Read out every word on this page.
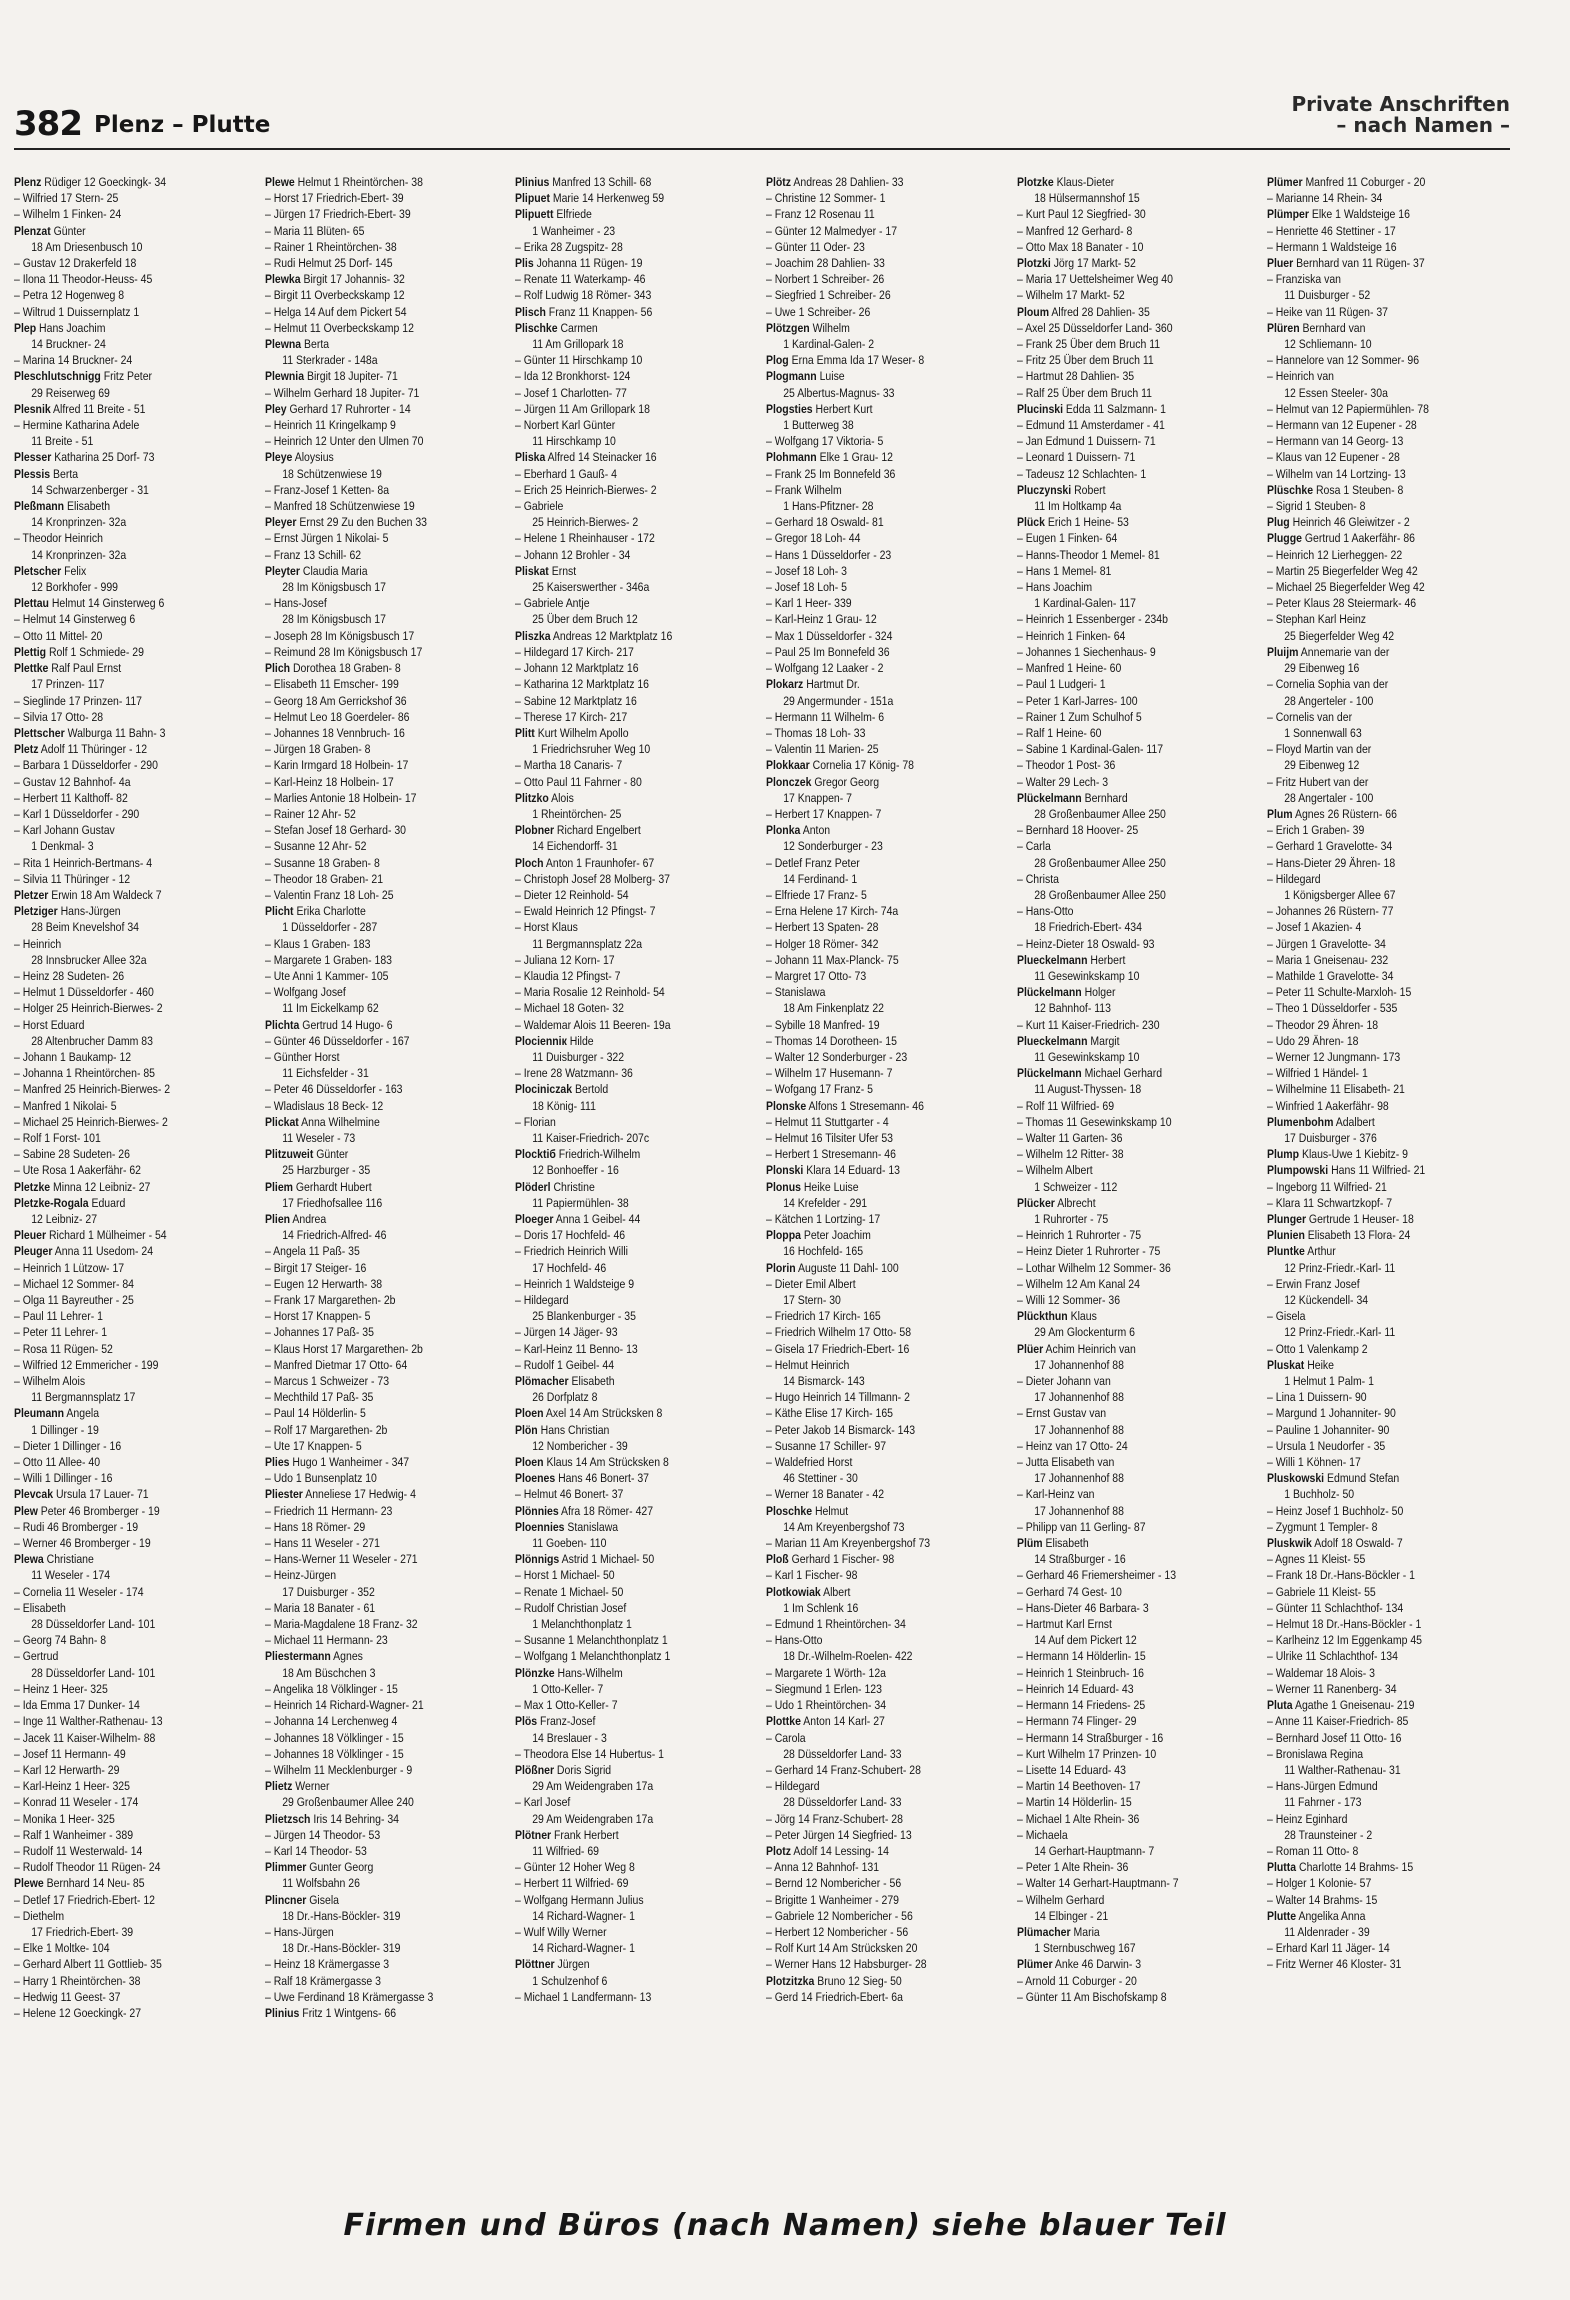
382 Plenz – Plutte
Private Anschriften
– nach Namen –
Plenz Rüdiger 12 Goeckingk- 34
– Wilfried 17 Stern- 25
– Wilhelm 1 Finken- 24
Plenzat Günter
18 Am Driesenbusch 10
– Gustav 12 Drakerfeld 18
– Ilona 11 Theodor-Heuss- 45
– Petra 12 Hogenweg 8
– Wiltrud 1 Duissernplatz 1
Plep Hans Joachim
14 Bruckner- 24
– Marina 14 Bruckner- 24
Pleschlutschnigg Fritz Peter
29 Reiserweg 69
Plesnik Alfred 11 Breite - 51
– Hermine Katharina Adele
11 Breite - 51
Plesser Katharina 25 Dorf- 73
Plessis Berta
14 Schwarzenberger - 31
Pleßmann Elisabeth
14 Kronprinzen- 32a
– Theodor Heinrich
14 Kronprinzen- 32a
Pletscher Felix
12 Borkhofer - 999
Plettau Helmut 14 Ginsterweg 6
– Helmut 14 Ginsterweg 6
– Otto 11 Mittel- 20
Plettig Rolf 1 Schmiede- 29
Plettke Ralf Paul Ernst
17 Prinzen- 117
– Sieglinde 17 Prinzen- 117
– Silvia 17 Otto- 28
Plettscher Walburga 11 Bahn- 3
Pletz Adolf 11 Thüringer - 12
– Barbara 1 Düsseldorfer - 290
– Gustav 12 Bahnhof- 4a
– Herbert 11 Kalthoff- 82
– Karl 1 Düsseldorfer - 290
– Karl Johann Gustav
1 Denkmal- 3
– Rita 1 Heinrich-Bertmans- 4
– Silvia 11 Thüringer - 12
Pletzer Erwin 18 Am Waldeck 7
Pletziger Hans-Jürgen
28 Beim Knevelshof 34
– Heinrich
28 Innsbrucker Allee 32a
– Heinz 28 Sudeten- 26
– Helmut 1 Düsseldorfer - 460
– Holger 25 Heinrich-Bierwes- 2
– Horst Eduard
28 Altenbrucher Damm 83
– Johann 1 Baukamp- 12
– Johanna 1 Rheintörchen- 85
– Manfred 25 Heinrich-Bierwes- 2
– Manfred 1 Nikolai- 5
– Michael 25 Heinrich-Bierwes- 2
– Rolf 1 Forst- 101
– Sabine 28 Sudeten- 26
– Ute Rosa 1 Aakerfähr- 62
Pletzke Minna 12 Leibniz- 27
Pletzke-Rogala Eduard
12 Leibniz- 27
Pleuer Richard 1 Mülheimer - 54
Pleuger Anna 11 Usedom- 24
– Heinrich 1 Lützow- 17
– Michael 12 Sommer- 84
– Olga 11 Bayreuther - 25
– Paul 11 Lehrer- 1
– Peter 11 Lehrer- 1
– Rosa 11 Rügen- 52
– Wilfried 12 Emmericher - 199
– Wilhelm Alois
11 Bergmannsplatz 17
Pleumann Angela
1 Dillinger - 19
– Dieter 1 Dillinger - 16
– Otto 11 Allee- 40
– Willi 1 Dillinger - 16
Plevcak Ursula 17 Lauer- 71
Plew Peter 46 Bromberger - 19
– Rudi 46 Bromberger - 19
– Werner 46 Bromberger - 19
Plewa Christiane
11 Weseler - 174
– Cornelia 11 Weseler - 174
– Elisabeth
28 Düsseldorfer Land- 101
– Georg 74 Bahn- 8
– Gertrud
28 Düsseldorfer Land- 101
– Heinz 1 Heer- 325
– Ida Emma 17 Dunker- 14
– Inge 11 Walther-Rathenau- 13
– Jacek 11 Kaiser-Wilhelm- 88
– Josef 11 Hermann- 49
– Karl 12 Herwarth- 29
– Karl-Heinz 1 Heer- 325
– Konrad 11 Weseler - 174
– Monika 1 Heer- 325
– Ralf 1 Wanheimer - 389
– Rudolf 11 Westerwald- 14
– Rudolf Theodor 11 Rügen- 24
Plewe Bernhard 14 Neu- 85
– Detlef 17 Friedrich-Ebert- 12
– Diethelm
17 Friedrich-Ebert- 39
– Elke 1 Moltke- 104
– Gerhard Albert 11 Gottlieb- 35
– Harry 1 Rheintörchen- 38
– Hedwig 11 Geest- 37
– Helene 12 Goeckingk- 27
Plewe Helmut 1 Rheintörchen- 38
– Horst 17 Friedrich-Ebert- 39
– Jürgen 17 Friedrich-Ebert- 39
– Maria 11 Blüten- 65
– Rainer 1 Rheintörchen- 38
– Rudi Helmut 25 Dorf- 145
Plewka Birgit 17 Johannis- 32
– Birgit 11 Overbeckskamp 12
– Helga 14 Auf dem Pickert 54
– Helmut 11 Overbeckskamp 12
Plewna Berta
11 Sterkrader - 148a
Plewnia Birgit 18 Jupiter- 71
– Wilhelm Gerhard 18 Jupiter- 71
Pley Gerhard 17 Ruhrorter - 14
– Heinrich 11 Kringelkamp 9
– Heinrich 12 Unter den Ulmen 70
Pleye Aloysius
18 Schützenwiese 19
– Franz-Josef 1 Ketten- 8a
– Manfred 18 Schützenwiese 19
Pleyer Ernst 29 Zu den Buchen 33
– Ernst Jürgen 1 Nikolai- 5
– Franz 13 Schill- 62
Pleyter Claudia Maria
28 Im Königsbusch 17
– Hans-Josef
28 Im Königsbusch 17
– Joseph 28 Im Königsbusch 17
– Reimund 28 Im Königsbusch 17
Plich Dorothea 18 Graben- 8
– Elisabeth 11 Emscher- 199
– Georg 18 Am Gerrickshof 36
– Helmut Leo 18 Goerdeler- 86
– Johannes 18 Vennbruch- 16
– Jürgen 18 Graben- 8
– Karin Irmgard 18 Holbein- 17
– Karl-Heinz 18 Holbein- 17
– Marlies Antonie 18 Holbein- 17
– Rainer 12 Ahr- 52
– Stefan Josef 18 Gerhard- 30
– Susanne 12 Ahr- 52
– Susanne 18 Graben- 8
– Theodor 18 Graben- 21
– Valentin Franz 18 Loh- 25
Plicht Erika Charlotte
1 Düsseldorfer - 287
– Klaus 1 Graben- 183
– Margarete 1 Graben- 183
– Ute Anni 1 Kammer- 105
– Wolfgang Josef
11 Im Eickelkamp 62
Plichta Gertrud 14 Hugo- 6
– Günter 46 Düsseldorfer - 167
– Günther Horst
11 Eichsfelder - 31
– Peter 46 Düsseldorfer - 163
– Wladislaus 18 Beck- 12
Plickat Anna Wilhelmine
11 Weseler - 73
Plitzuweit Günter
25 Harzburger - 35
Pliem Gerhardt Hubert
17 Friedhofsallee 116
Plien Andrea
14 Friedrich-Alfred- 46
– Angela 11 Paß- 35
– Birgit 17 Steiger- 16
– Eugen 12 Herwarth- 38
– Frank 17 Margarethen- 2b
– Horst 17 Knappen- 5
– Johannes 17 Paß- 35
– Klaus Horst 17 Margarethen- 2b
– Manfred Dietmar 17 Otto- 64
– Marcus 1 Schweizer - 73
– Mechthild 17 Paß- 35
– Paul 14 Hölderlin- 5
– Rolf 17 Margarethen- 2b
– Ute 17 Knappen- 5
Plies Hugo 1 Wanheimer - 347
– Udo 1 Bunsenplatz 10
Pliester Anneliese 17 Hedwig- 4
– Friedrich 11 Hermann- 23
– Hans 18 Römer- 29
– Hans 11 Weseler - 271
– Hans-Werner 11 Weseler - 271
– Heinz-Jürgen
17 Duisburger - 352
– Maria 18 Banater - 61
– Maria-Magdalene 18 Franz- 32
– Michael 11 Hermann- 23
Pliestermann Agnes
18 Am Büschchen 3
– Angelika 18 Völklinger - 15
– Heinrich 14 Richard-Wagner- 21
– Johanna 14 Lerchenweg 4
– Johannes 18 Völklinger - 15
– Johannes 18 Völklinger - 15
– Wilhelm 11 Mecklenburger - 9
Plietz Werner
29 Großenbaumer Allee 240
Plietzsch Iris 14 Behring- 34
– Jürgen 14 Theodor- 53
– Karl 14 Theodor- 53
Plimmer Gunter Georg
11 Wolfsbahn 26
Plincner Gisela
18 Dr.-Hans-Böckler- 319
– Hans-Jürgen
18 Dr.-Hans-Böckler- 319
– Heinz 18 Krämergasse 3
– Ralf 18 Krämergasse 3
– Uwe Ferdinand 18 Krämergasse 3
Plinius Fritz 1 Wintgens- 66
Plinius Manfred 13 Schill- 68
Plipuet Marie 14 Herkenweg 59
Plipuett Elfriede
1 Wanheimer - 23
– Erika 28 Zugspitz- 28
Plis Johanna 11 Rügen- 19
– Renate 11 Waterkamp- 46
– Rolf Ludwig 18 Römer- 343
Plisch Franz 11 Knappen- 56
Plischke Carmen
11 Am Grillopark 18
– Günter 11 Hirschkamp 10
– Ida 12 Bronkhorst- 124
– Josef 1 Charlotten- 77
– Jürgen 11 Am Grillopark 18
– Norbert Karl Günter
11 Hirschkamp 10
Pliska Alfred 14 Steinacker 16
– Eberhard 1 Gauß- 4
– Erich 25 Heinrich-Bierwes- 2
– Gabriele
25 Heinrich-Bierwes- 2
– Helene 1 Rheinhauser - 172
– Johann 12 Brohler - 34
Pliskat Ernst
25 Kaiserswerther - 346a
– Gabriele Antje
25 Über dem Bruch 12
Pliszka Andreas 12 Marktplatz 16
– Hildegard 17 Kirch- 217
– Johann 12 Marktplatz 16
– Katharina 12 Marktplatz 16
– Sabine 12 Marktplatz 16
– Therese 17 Kirch- 217
Plitt Kurt Wilhelm Apollo
1 Friedrichsruher Weg 10
– Martha 18 Canaris- 7
– Otto Paul 11 Fahrner - 80
Plitzko Alois
1 Rheintörchen- 25
Plobner Richard Engelbert
14 Eichendorff- 31
Ploch Anton 1 Fraunhofer- 67
– Christoph Josef 28 Molberg- 37
– Dieter 12 Reinhold- 54
– Ewald Heinrich 12 Pfingst- 7
– Horst Klaus
11 Bergmannsplatz 22a
– Juliana 12 Korn- 17
– Klaudia 12 Pfingst- 7
– Maria Rosalie 12 Reinhold- 54
– Michael 18 Goten- 32
– Waldemar Alois 11 Beeren- 19a
Plocienniк Hilde
11 Duisburger - 322
– Irene 28 Watzmann- 36
Plociniczak Bertold
18 König- 111
– Florian
11 Kaiser-Friedrich- 207c
Plocktiб Friedrich-Wilhelm
12 Bonhoeffer - 16
Plöderl Christine
11 Papiermühlen- 38
Ploeger Anna 1 Geibel- 44
– Doris 17 Hochfeld- 46
– Friedrich Heinrich Willi
17 Hochfeld- 46
– Heinrich 1 Waldsteige 9
– Hildegard
25 Blankenburger - 35
– Jürgen 14 Jäger- 93
– Karl-Heinz 11 Benno- 13
– Rudolf 1 Geibel- 44
Plömacher Elisabeth
26 Dorfplatz 8
Ploen Axel 14 Am Strücksken 8
Plön Hans Christian
12 Nombericher - 39
Ploen Klaus 14 Am Strücksken 8
Ploenes Hans 46 Bonert- 37
– Helmut 46 Bonert- 37
Plönnies Afra 18 Römer- 427
Ploennies Stanislawa
11 Goeben- 110
Plönnigs Astrid 1 Michael- 50
– Horst 1 Michael- 50
– Renate 1 Michael- 50
– Rudolf Christian Josef
1 Melanchthonplatz 1
– Susanne 1 Melanchthonplatz 1
– Wolfgang 1 Melanchthonplatz 1
Plönzke Hans-Wilhelm
1 Otto-Keller- 7
– Max 1 Otto-Keller- 7
Plös Franz-Josef
14 Breslauer - 3
– Theodora Else 14 Hubertus- 1
Plößner Doris Sigrid
29 Am Weidengraben 17a
– Karl Josef
29 Am Weidengraben 17a
Plötner Frank Herbert
11 Wilfried- 69
– Günter 12 Hoher Weg 8
– Herbert 11 Wilfried- 69
– Wolfgang Hermann Julius
14 Richard-Wagner- 1
– Wulf Willy Werner
14 Richard-Wagner- 1
Plöttner Jürgen
1 Schulzenhof 6
– Michael 1 Landfermann- 13
Plötz Andreas 28 Dahlien- 33
– Christine 12 Sommer- 1
– Franz 12 Rosenau 11
– Günter 12 Malmedyer - 17
– Günter 11 Oder- 23
– Joachim 28 Dahlien- 33
– Norbert 1 Schreiber- 26
– Siegfried 1 Schreiber- 26
– Uwe 1 Schreiber- 26
Plötzgen Wilhelm
1 Kardinal-Galen- 2
Plog Erna Emma Ida 17 Weser- 8
Plogmann Luise
25 Albertus-Magnus- 33
Plogsties Herbert Kurt
1 Butterweg 38
– Wolfgang 17 Viktoria- 5
Plohmann Elke 1 Grau- 12
– Frank 25 Im Bonnefeld 36
– Frank Wilhelm
1 Hans-Pfitzner- 28
– Gerhard 18 Oswald- 81
– Gregor 18 Loh- 44
– Hans 1 Düsseldorfer - 23
– Josef 18 Loh- 3
– Josef 18 Loh- 5
– Karl 1 Heer- 339
– Karl-Heinz 1 Grau- 12
– Max 1 Düsseldorfer - 324
– Paul 25 Im Bonnefeld 36
– Wolfgang 12 Laaker - 2
Plokarz Hartmut Dr.
29 Angermunder - 151a
– Hermann 11 Wilhelm- 6
– Thomas 18 Loh- 33
– Valentin 11 Marien- 25
Plokkaar Cornelia 17 König- 78
Plonczek Gregor Georg
17 Knappen- 7
– Herbert 17 Knappen- 7
Plonka Anton
12 Sonderburger - 23
– Detlef Franz Peter
14 Ferdinand- 1
– Elfriede 17 Franz- 5
– Erna Helene 17 Kirch- 74a
– Herbert 13 Spaten- 28
– Holger 18 Römer- 342
– Johann 11 Max-Planck- 75
– Margret 17 Otto- 73
– Stanislawa
18 Am Finkenplatz 22
– Sybille 18 Manfred- 19
– Thomas 14 Dorotheen- 15
– Walter 12 Sonderburger - 23
– Wilhelm 17 Husemann- 7
– Wofgang 17 Franz- 5
Plonske Alfons 1 Stresemann- 46
– Helmut 11 Stuttgarter - 4
– Helmut 16 Tilsiter Ufer 53
– Herbert 1 Stresemann- 46
Plonski Klara 14 Eduard- 13
Plonus Heike Luise
14 Krefelder - 291
– Kätchen 1 Lortzing- 17
Ploppa Peter Joachim
16 Hochfeld- 165
Plorin Auguste 11 Dahl- 100
– Dieter Emil Albert
17 Stern- 30
– Friedrich 17 Kirch- 165
– Friedrich Wilhelm 17 Otto- 58
– Gisela 17 Friedrich-Ebert- 16
– Helmut Heinrich
14 Bismarck- 143
– Hugo Heinrich 14 Tillmann- 2
– Käthe Elise 17 Kirch- 165
– Peter Jakob 14 Bismarck- 143
– Susanne 17 Schiller- 97
– Waldefried Horst
46 Stettiner - 30
– Werner 18 Banater - 42
Ploschke Helmut
14 Am Kreyenbergshof 73
– Marian 11 Am Kreyenbergshof 73
Ploß Gerhard 1 Fischer- 98
– Karl 1 Fischer- 98
Plotkowiak Albert
1 Im Schlenk 16
– Edmund 1 Rheintörchen- 34
– Hans-Otto
18 Dr.-Wilhelm-Roelen- 422
– Margarete 1 Wörth- 12a
– Siegmund 1 Erlen- 123
– Udo 1 Rheintörchen- 34
Plottke Anton 14 Karl- 27
– Carola
28 Düsseldorfer Land- 33
– Gerhard 14 Franz-Schubert- 28
– Hildegard
28 Düsseldorfer Land- 33
– Jörg 14 Franz-Schubert- 28
– Peter Jürgen 14 Siegfried- 13
Plotz Adolf 14 Lessing- 14
– Anna 12 Bahnhof- 131
– Bernd 12 Nombericher - 56
– Brigitte 1 Wanheimer - 279
– Gabriele 12 Nombericher - 56
– Herbert 12 Nombericher - 56
– Rolf Kurt 14 Am Strücksken 20
– Werner Hans 12 Habsburger- 28
Plotzitzka Bruno 12 Sieg- 50
– Gerd 14 Friedrich-Ebert- 6a
Plotzke Klaus-Dieter
18 Hülsermannshof 15
– Kurt Paul 12 Siegfried- 30
– Manfred 12 Gerhard- 8
– Otto Max 18 Banater - 10
Plotzki Jörg 17 Markt- 52
– Maria 17 Uettelsheimer Weg 40
– Wilhelm 17 Markt- 52
Ploum Alfred 28 Dahlien- 35
– Axel 25 Düsseldorfer Land- 360
– Frank 25 Über dem Bruch 11
– Fritz 25 Über dem Bruch 11
– Hartmut 28 Dahlien- 35
– Ralf 25 Über dem Bruch 11
Plucinski Edda 11 Salzmann- 1
– Edmund 11 Amsterdamer - 41
– Jan Edmund 1 Duissern- 71
– Leonard 1 Duissern- 71
– Tadeusz 12 Schlachten- 1
Pluczynski Robert
11 Im Holtkamp 4a
Plück Erich 1 Heine- 53
– Eugen 1 Finken- 64
– Hanns-Theodor 1 Memel- 81
– Hans 1 Memel- 81
– Hans Joachim
1 Kardinal-Galen- 117
– Heinrich 1 Essenberger - 234b
– Heinrich 1 Finken- 64
– Johannes 1 Siechenhaus- 9
– Manfred 1 Heine- 60
– Paul 1 Ludgeri- 1
– Peter 1 Karl-Jarres- 100
– Rainer 1 Zum Schulhof 5
– Ralf 1 Heine- 60
– Sabine 1 Kardinal-Galen- 117
– Theodor 1 Post- 36
– Walter 29 Lech- 3
Plückelmann Bernhard
28 Großenbaumer Allee 250
– Bernhard 18 Hoover- 25
– Carla
28 Großenbaumer Allee 250
– Christa
28 Großenbaumer Allee 250
– Hans-Otto
18 Friedrich-Ebert- 434
– Heinz-Dieter 18 Oswald- 93
Plueckelmann Herbert
11 Gesewinkskamp 10
Plückelmann Holger
12 Bahnhof- 113
– Kurt 11 Kaiser-Friedrich- 230
Plueckelmann Margit
11 Gesewinkskamp 10
Plückelmann Michael Gerhard
11 August-Thyssen- 18
– Rolf 11 Wilfried- 69
– Thomas 11 Gesewinkskamp 10
– Walter 11 Garten- 36
– Wilhelm 12 Ritter- 38
– Wilhelm Albert
1 Schweizer - 112
Plücker Albrecht
1 Ruhrorter - 75
– Heinrich 1 Ruhrorter - 75
– Heinz Dieter 1 Ruhrorter - 75
– Lothar Wilhelm 12 Sommer- 36
– Wilhelm 12 Am Kanal 24
– Willi 12 Sommer- 36
Plückthun Klaus
29 Am Glockenturm 6
Plüer Achim Heinrich van
17 Johannenhof 88
– Dieter Johann van
17 Johannenhof 88
– Ernst Gustav van
17 Johannenhof 88
– Heinz van 17 Otto- 24
– Jutta Elisabeth van
17 Johannenhof 88
– Karl-Heinz van
17 Johannenhof 88
– Philipp van 11 Gerling- 87
Plüm Elisabeth
14 Straßburger - 16
– Gerhard 46 Friemersheimer - 13
– Gerhard 74 Gest- 10
– Hans-Dieter 46 Barbara- 3
– Hartmut Karl Ernst
14 Auf dem Pickert 12
– Hermann 14 Hölderlin- 15
– Heinrich 1 Steinbruch- 16
– Heinrich 14 Eduard- 43
– Hermann 14 Friedens- 25
– Hermann 74 Flinger- 29
– Hermann 14 Straßburger - 16
– Kurt Wilhelm 17 Prinzen- 10
– Lisette 14 Eduard- 43
– Martin 14 Beethoven- 17
– Martin 14 Hölderlin- 15
– Michael 1 Alte Rhein- 36
– Michaela
14 Gerhart-Hauptmann- 7
– Peter 1 Alte Rhein- 36
– Walter 14 Gerhart-Hauptmann- 7
– Wilhelm Gerhard
14 Elbinger - 21
Plümacher Maria
1 Sternbuschweg 167
Plümer Anke 46 Darwin- 3
– Arnold 11 Coburger - 20
– Günter 11 Am Bischofskamp 8
Plümer Manfred 11 Coburger - 20
– Marianne 14 Rhein- 34
Plümper Elke 1 Waldsteige 16
– Henriette 46 Stettiner - 17
– Hermann 1 Waldsteige 16
Pluer Bernhard van 11 Rügen- 37
– Franziska van
11 Duisburger - 52
– Heike van 11 Rügen- 37
Plüren Bernhard van
12 Schliemann- 10
– Hannelore van 12 Sommer- 96
– Heinrich van
12 Essen Steeler- 30a
– Helmut van 12 Papiermühlen- 78
– Hermann van 12 Eupener - 28
– Hermann van 14 Georg- 13
– Klaus van 12 Eupener - 28
– Wilhelm van 14 Lortzing- 13
Plüschke Rosa 1 Steuben- 8
– Sigrid 1 Steuben- 8
Plug Heinrich 46 Gleiwitzer - 2
Plugge Gertrud 1 Aakerfähr- 86
– Heinrich 12 Lierheggen- 22
– Martin 25 Biegerfelder Weg 42
– Michael 25 Biegerfelder Weg 42
– Peter Klaus 28 Steiermark- 46
– Stephan Karl Heinz
25 Biegerfelder Weg 42
Pluijm Annemarie van der
29 Eibenweg 16
– Cornelia Sophia van der
28 Angerteler - 100
– Cornelis van der
1 Sonnenwall 63
– Floyd Martin van der
29 Eibenweg 12
– Fritz Hubert van der
28 Angertaler - 100
Plum Agnes 26 Rüstern- 66
– Erich 1 Graben- 39
– Gerhard 1 Gravelotte- 34
– Hans-Dieter 29 Ähren- 18
– Hildegard
1 Königsberger Allee 67
– Johannes 26 Rüstern- 77
– Josef 1 Akazien- 4
– Jürgen 1 Gravelotte- 34
– Maria 1 Gneisenau- 232
– Mathilde 1 Gravelotte- 34
– Peter 11 Schulte-Marxloh- 15
– Theo 1 Düsseldorfer - 535
– Theodor 29 Ähren- 18
– Udo 29 Ähren- 18
– Werner 12 Jungmann- 173
– Wilfried 1 Händel- 1
– Wilhelmine 11 Elisabeth- 21
– Winfried 1 Aakerfähr- 98
Plumenbohm Adalbert
17 Duisburger - 376
Plump Klaus-Uwe 1 Kiebitz- 9
Plumpowski Hans 11 Wilfried- 21
– Ingeborg 11 Wilfried- 21
– Klara 11 Schwartzkopf- 7
Plunger Gertrude 1 Heuser- 18
Plunien Elisabeth 13 Flora- 24
Pluntke Arthur
12 Prinz-Friedr.-Karl- 11
– Erwin Franz Josef
12 Kückendell- 34
– Gisela
12 Prinz-Friedr.-Karl- 11
– Otto 1 Valenkamp 2
Pluskat Heike
1 Helmut 1 Palm- 1
– Lina 1 Duissern- 90
– Margund 1 Johanniter- 90
– Pauline 1 Johanniter- 90
– Ursula 1 Neudorfer - 35
– Willi 1 Köhnen- 17
Pluskowski Edmund Stefan
1 Buchholz- 50
– Heinz Josef 1 Buchholz- 50
– Zygmunt 1 Templer- 8
Pluskwik Adolf 18 Oswald- 7
– Agnes 11 Kleist- 55
– Frank 18 Dr.-Hans-Böckler - 1
– Gabriele 11 Kleist- 55
– Günter 11 Schlachthof- 134
– Helmut 18 Dr.-Hans-Böckler - 1
– Karlheinz 12 Im Eggenkamp 45
– Ulrike 11 Schlachthof- 134
– Waldemar 18 Alois- 3
– Werner 11 Ranenberg- 34
Pluta Agathe 1 Gneisenau- 219
– Anne 11 Kaiser-Friedrich- 85
– Bernhard Josef 11 Otto- 16
– Bronislawa Regina
11 Walther-Rathenau- 31
– Hans-Jürgen Edmund
11 Fahrner - 173
– Heinz Eginhard
28 Traunsteiner - 2
– Roman 11 Otto- 8
Plutta Charlotte 14 Brahms- 15
– Holger 1 Kolonie- 57
– Walter 14 Brahms- 15
Plutte Angelika Anna
11 Aldenrader - 39
– Erhard Karl 11 Jäger- 14
– Fritz Werner 46 Kloster- 31
Firmen und Büros (nach Namen) siehe blauer Teil
